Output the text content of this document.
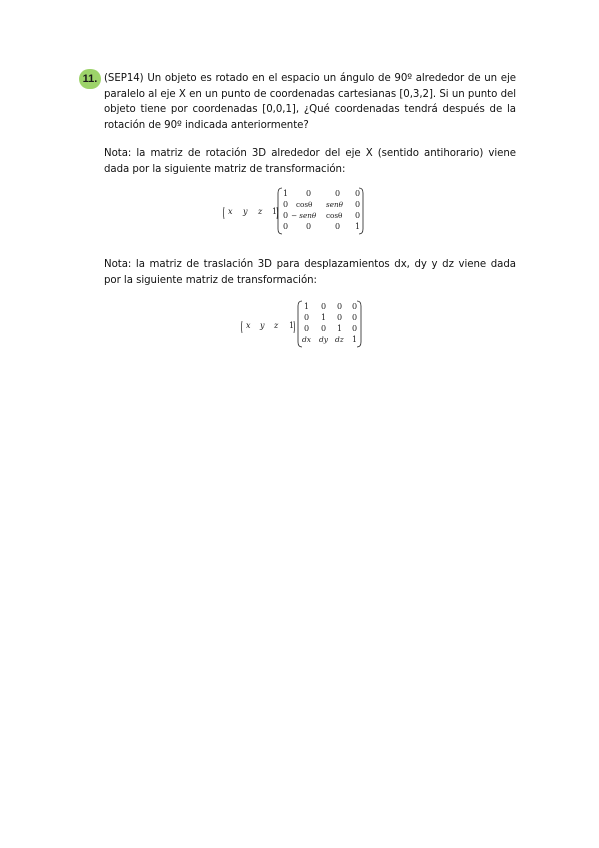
11. (SEP14) Un objeto es rotado en el espacio un ángulo de 90º alrededor de un eje paralelo al eje X en un punto de coordenadas cartesianas [0,3,2]. Si un punto del objeto tiene por coordenadas [0,0,1], ¿Qué coordenadas tendrá después de la rotación de 90º indicada anteriormente?

Nota: la matriz de rotación 3D alrededor del eje X (sentido antihorario) viene dada por la siguiente matriz de transformación:

x y z 1
1 0	0 0
0 cosθ senθ 0
0 − senθ cosθ 0
0 0	0 1

Nota: la matriz de traslación 3D para desplazamientos dx, dy y dz viene dada por la siguiente matriz de transformación:

x y z 1
1 0 0 0
0 1 0 0
0 0 1 0
dx dy dz 1
